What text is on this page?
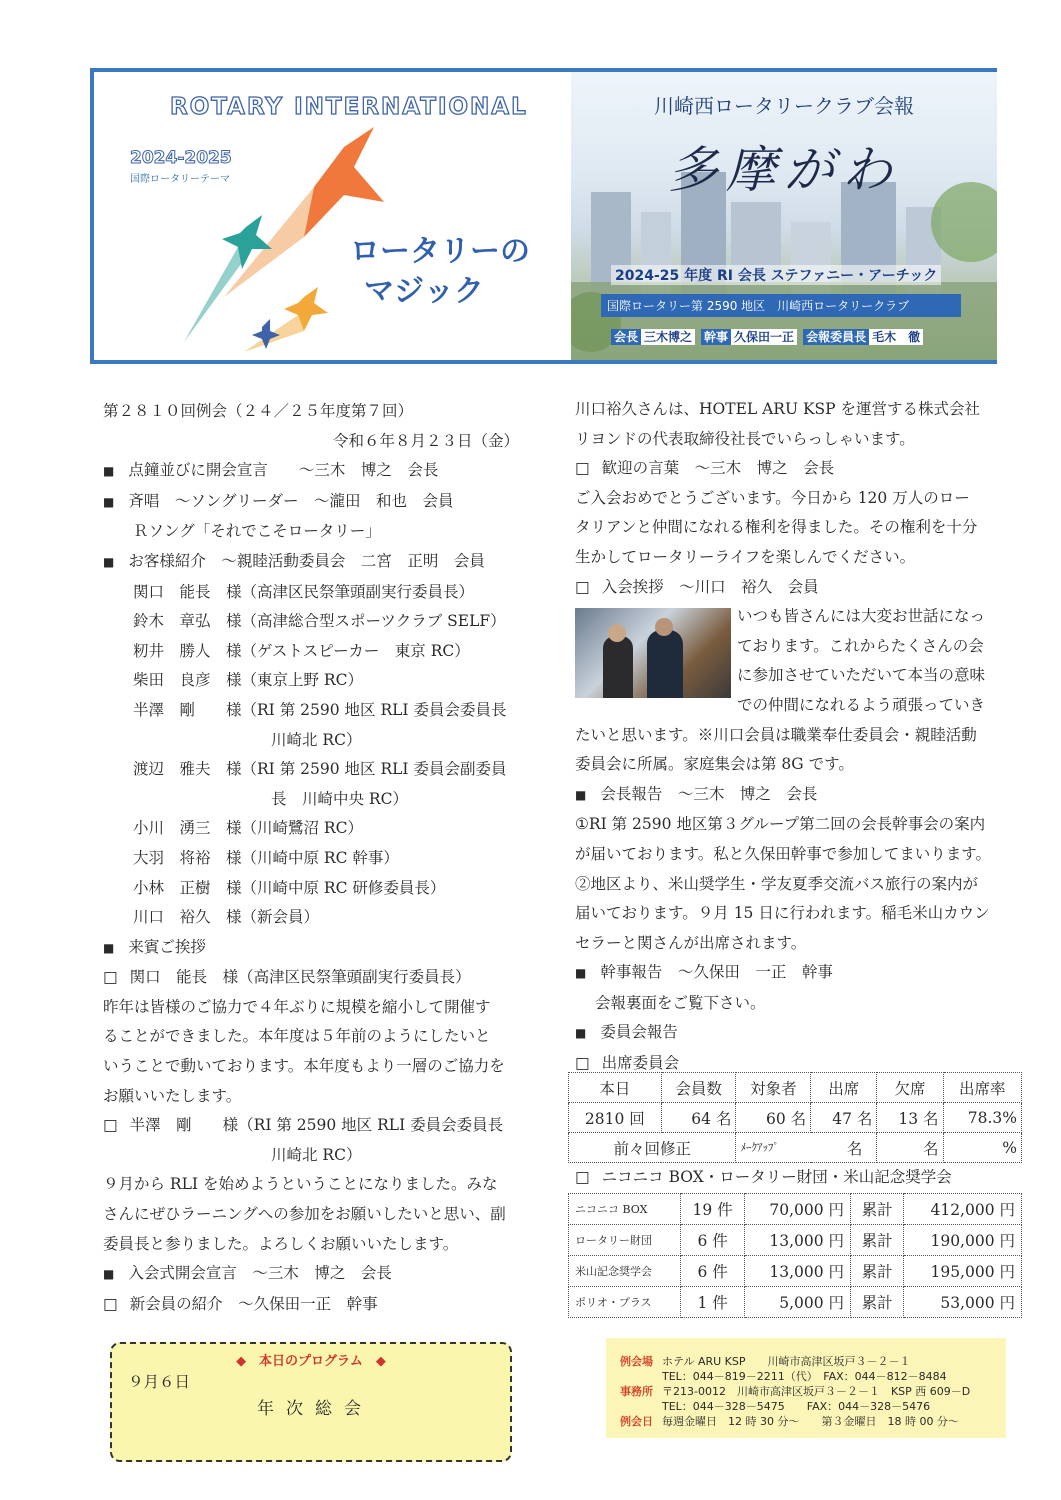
ROTARY INTERNATIONAL
2024-2025
国際ロータリーテーマ
ロータリーの
マジック
川崎西ロータリークラブ会報
多摩がわ
2024-25 年度 RI 会長 ステファニー・アーチック
国際ロータリー第 2590 地区　川崎西ロータリークラブ
会長 三木博之 幹事 久保田一正 会報委員長 毛木　徹
第２８１０回例会（２４／２５年度第７回）
令和６年８月２３日（金）
■ 点鐘並びに開会宣言　　～三木　博之　会長
■ 斉唱　～ソングリーダー　～瀧田　和也　会員
Ｒソング「それでこそロータリー」
■ お客様紹介　～親睦活動委員会　二宮　正明　会員
関口　能長　様（高津区民祭筆頭副実行委員長）
鈴木　章弘　様（高津総合型スポーツクラブ SELF）
籾井　勝人　様（ゲストスピーカー　東京 RC）
柴田　良彦　様（東京上野 RC）
半澤　剛　　様（RI 第 2590 地区 RLI 委員会委員長
川崎北 RC）
渡辺　雅夫　様（RI 第 2590 地区 RLI 委員会副委員
長　川崎中央 RC）
小川　湧三　様（川崎鷺沼 RC）
大羽　将裕　様（川崎中原 RC 幹事）
小林　正樹　様（川崎中原 RC 研修委員長）
川口　裕久　様（新会員）
■ 来賓ご挨拶
□ 関口　能長　様（高津区民祭筆頭副実行委員長）
昨年は皆様のご協力で４年ぶりに規模を縮小して開催す
ることができました。本年度は５年前のようにしたいと
いうことで動いております。本年度もより一層のご協力を
お願いいたします。
□ 半澤　剛　　様（RI 第 2590 地区 RLI 委員会委員長
川崎北 RC）
９月から RLI を始めようということになりました。みな
さんにぜひラーニングへの参加をお願いしたいと思い、副
委員長と参りました。よろしくお願いいたします。
■ 入会式開会宣言　～三木　博之　会長
□ 新会員の紹介　～久保田一正　幹事
川口裕久さんは、HOTEL ARU KSP を運営する株式会社
リヨンドの代表取締役社長でいらっしゃいます。
□ 歓迎の言葉　～三木　博之　会長
ご入会おめでとうございます。今日から 120 万人のロー
タリアンと仲間になれる権利を得ました。その権利を十分
生かしてロータリーライフを楽しんでください。
□ 入会挨拶　～川口　裕久　会員
いつも皆さんには大変お世話になっ
ております。これからたくさんの会
に参加させていただいて本当の意味
での仲間になれるよう頑張っていき
たいと思います。※川口会員は職業奉仕委員会・親睦活動
委員会に所属。家庭集会は第 8G です。
■ 会長報告　～三木　博之　会長
①RI 第 2590 地区第３グループ第二回の会長幹事会の案内
が届いております。私と久保田幹事で参加してまいります。
②地区より、米山奨学生・学友夏季交流バス旅行の案内が
届いております。９月 15 日に行われます。稲毛米山カウン
セラーと関さんが出席されます。
■ 幹事報告　～久保田　一正　幹事
会報裏面をご覧下さい。
■ 委員会報告
□ 出席委員会
本日	会員数	対象者	出席	欠席	出席率
2810 回	64 名	60 名	47 名	13 名	78.3%
前々回修正		ﾒｰｸｱｯﾌﾟ 名		名	%
□ ニコニコ BOX・ロータリー財団・米山記念奨学会
ニコニコ BOX	19 件	70,000 円	累計	412,000 円
ロータリー財団	6 件	13,000 円	累計	190,000 円
米山記念奨学会	6 件	13,000 円	累計	195,000 円
ポリオ・プラス	1 件	5,000 円	累計	53,000 円
◆　本日のプログラム　◆
９月６日
年次総会
例会場 ホテル ARU KSP　　川崎市高津区坂戸３－２－１
TEL：044－819－2211（代）　FAX：044－812－8484
事務所 〒213-0012　川崎市高津区坂戸３－２－１　KSP 西 609－D
TEL：044－328－5475　　FAX：044－328－5476
例会日 毎週金曜日　12 時 30 分～　　第３金曜日　18 時 00 分～
